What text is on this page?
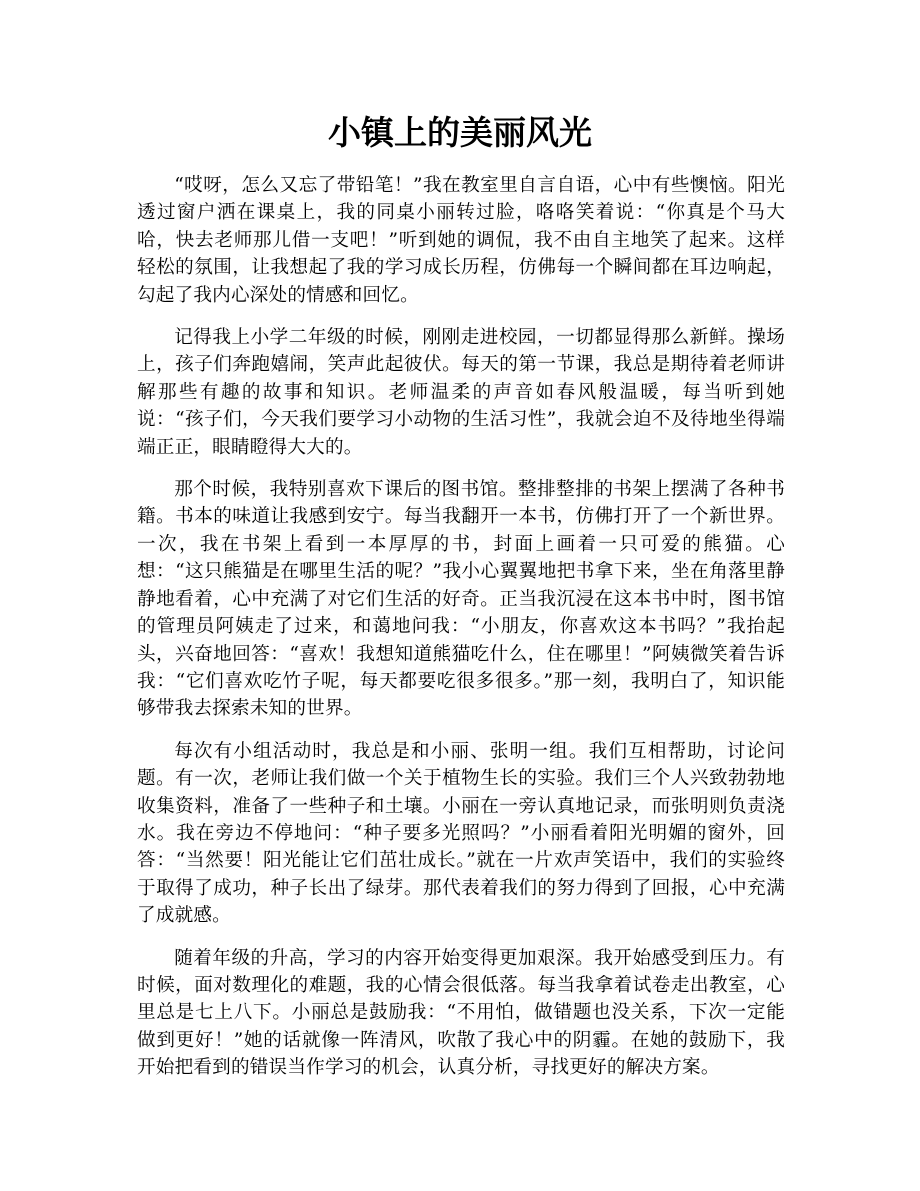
小镇上的美丽风光

“哎呀，怎么又忘了带铅笔！”我在教室里自言自语，心中有些懊恼。阳光透过窗户洒在课桌上，我的同桌小丽转过脸，咯咯笑着说：“你真是个马大哈，快去老师那儿借一支吧！”听到她的调侃，我不由自主地笑了起来。这样轻松的氛围，让我想起了我的学习成长历程，仿佛每一个瞬间都在耳边响起，勾起了我内心深处的情感和回忆。

记得我上小学二年级的时候，刚刚走进校园，一切都显得那么新鲜。操场上，孩子们奔跑嬉闹，笑声此起彼伏。每天的第一节课，我总是期待着老师讲解那些有趣的故事和知识。老师温柔的声音如春风般温暖，每当听到她说：“孩子们，今天我们要学习小动物的生活习性”，我就会迫不及待地坐得端端正正，眼睛瞪得大大的。

那个时候，我特别喜欢下课后的图书馆。整排整排的书架上摆满了各种书籍。书本的味道让我感到安宁。每当我翻开一本书，仿佛打开了一个新世界。一次，我在书架上看到一本厚厚的书，封面上画着一只可爱的熊猫。心想：“这只熊猫是在哪里生活的呢？”我小心翼翼地把书拿下来，坐在角落里静静地看着，心中充满了对它们生活的好奇。正当我沉浸在这本书中时，图书馆的管理员阿姨走了过来，和蔼地问我：“小朋友，你喜欢这本书吗？”我抬起头，兴奋地回答：“喜欢！我想知道熊猫吃什么，住在哪里！”阿姨微笑着告诉我：“它们喜欢吃竹子呢，每天都要吃很多很多。”那一刻，我明白了，知识能够带我去探索未知的世界。

每次有小组活动时，我总是和小丽、张明一组。我们互相帮助，讨论问题。有一次，老师让我们做一个关于植物生长的实验。我们三个人兴致勃勃地收集资料，准备了一些种子和土壤。小丽在一旁认真地记录，而张明则负责浇水。我在旁边不停地问：“种子要多光照吗？”小丽看着阳光明媚的窗外，回答：“当然要！阳光能让它们茁壮成长。”就在一片欢声笑语中，我们的实验终于取得了成功，种子长出了绿芽。那代表着我们的努力得到了回报，心中充满了成就感。

随着年级的升高，学习的内容开始变得更加艰深。我开始感受到压力。有时候，面对数理化的难题，我的心情会很低落。每当我拿着试卷走出教室，心里总是七上八下。小丽总是鼓励我：“不用怕，做错题也没关系，下次一定能做到更好！”她的话就像一阵清风，吹散了我心中的阴霾。在她的鼓励下，我开始把看到的错误当作学习的机会，认真分析，寻找更好的解决方案。
